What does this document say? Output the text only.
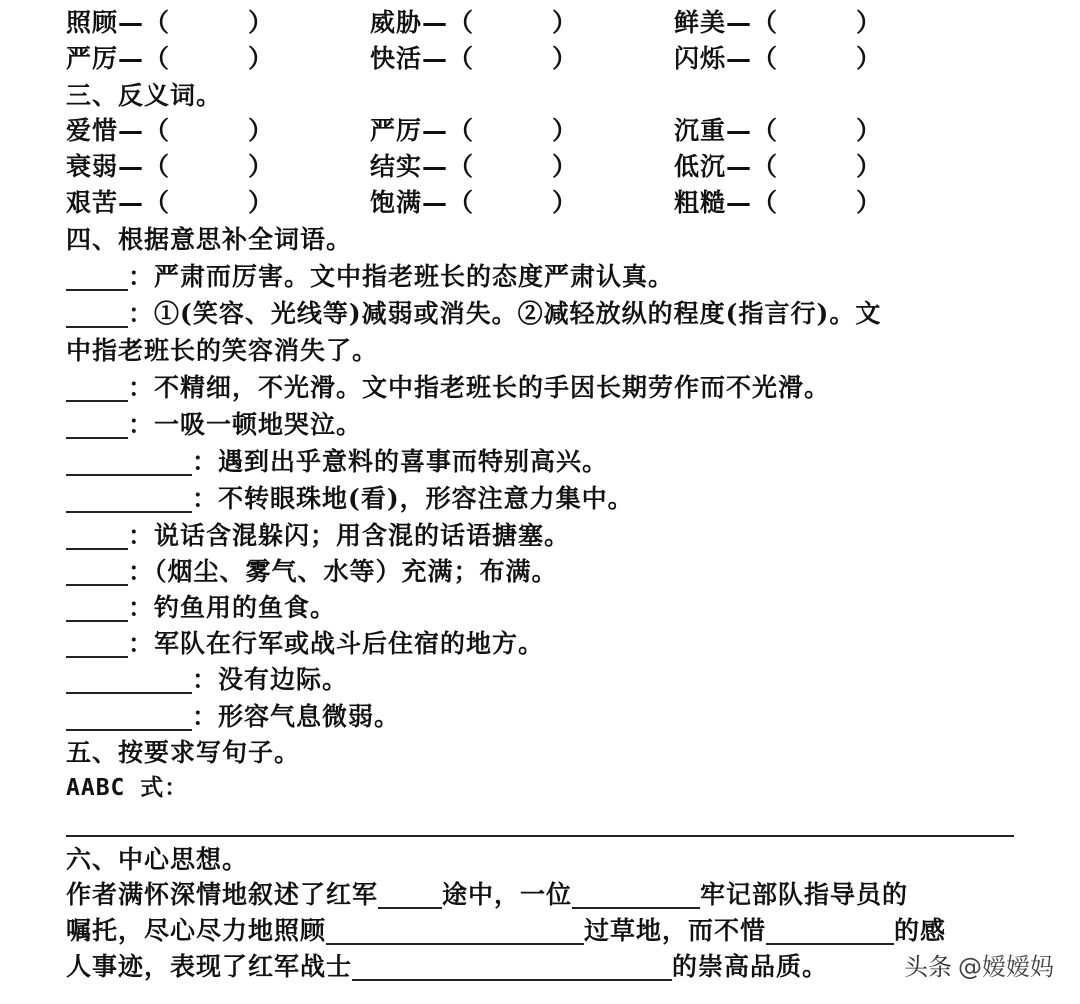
照顾—（　　　）	威胁—（　　　）	鲜美—（　　　）
严厉—（　　　）	快活—（　　　）	闪烁—（　　　）
三、反义词。
爱惜—（　　　）	严厉—（　　　）	沉重—（　　　）
衰弱—（　　　）	结实—（　　　）	低沉—（　　　）
艰苦—（　　　）	饱满—（　　　）	粗糙—（　　　）
四、根据意思补全词语。
：严肃而厉害。文中指老班长的态度严肃认真。
：①(笑容、光线等)减弱或消失。②减轻放纵的程度(指言行)。文
中指老班长的笑容消失了。
：不精细，不光滑。文中指老班长的手因长期劳作而不光滑。
：一吸一顿地哭泣。
：遇到出乎意料的喜事而特别高兴。
：不转眼珠地(看)，形容注意力集中。
：说话含混躲闪；用含混的话语搪塞。
：（烟尘、雾气、水等）充满；布满。
：钓鱼用的鱼食。
：军队在行军或战斗后住宿的地方。
：没有边际。
：形容气息微弱。
五、按要求写句子。
AABC 式：
六、中心思想。
作者满怀深情地叙述了红军	途中，一位	牢记部队指导员的
嘱托，尽心尽力地照顾	过草地，而不惜	的感
人事迹，表现了红军战士	的崇高品质。	头条 @嫒嫒妈
